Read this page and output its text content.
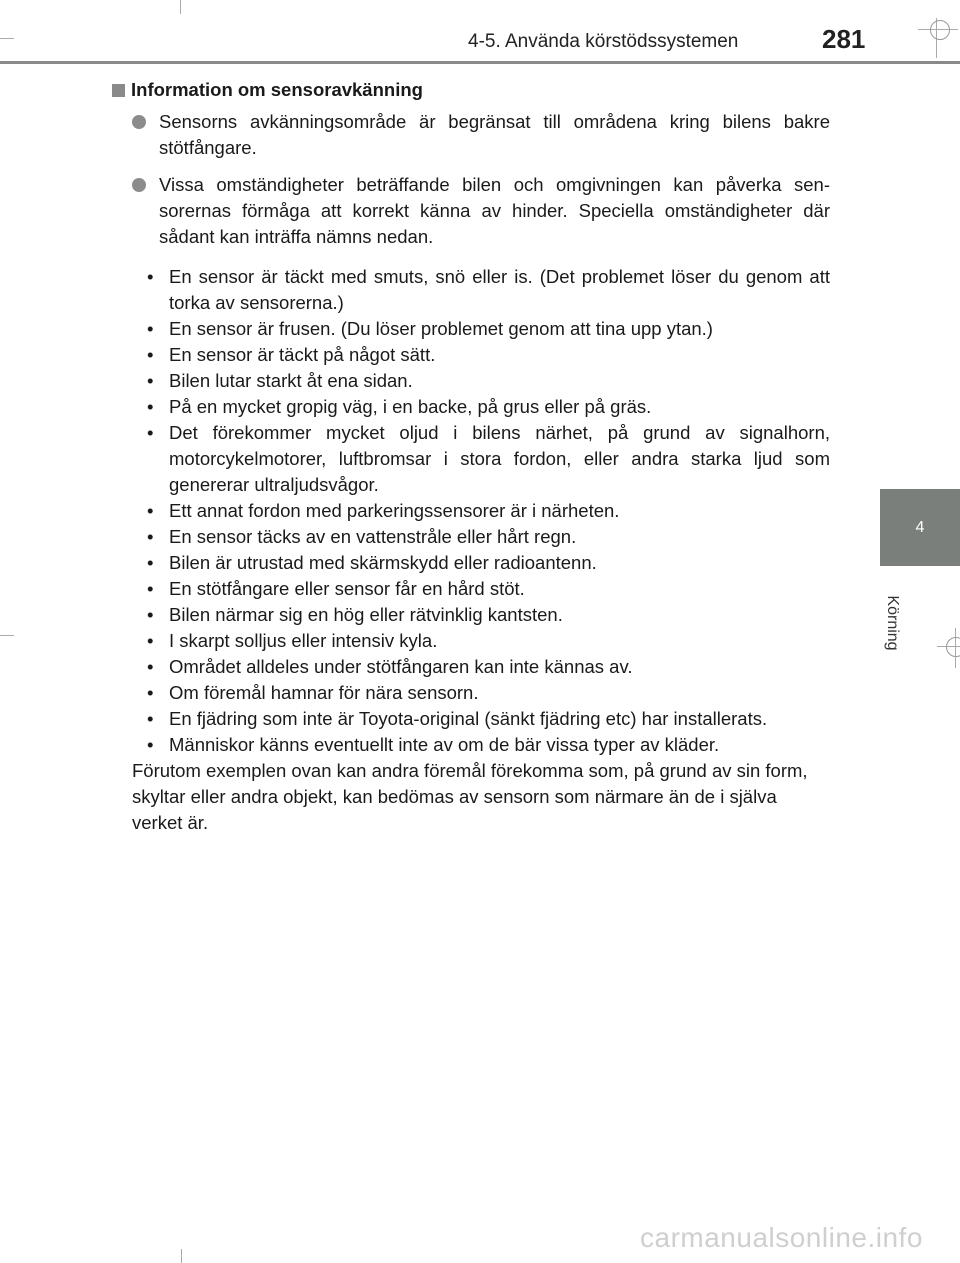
4-5. Använda körstödssystemen	281
4
Körning
Information om sensoravkänning

Sensorns avkänningsområde är begränsat till områdena kring bilens bakre stötfångare.

Vissa omständigheter beträffande bilen och omgivningen kan påverka sen-sorernas förmåga att korrekt känna av hinder. Speciella omständigheter där sådant kan inträffa nämns nedan.

• En sensor är täckt med smuts, snö eller is. (Det problemet löser du genom att torka av sensorerna.)
• En sensor är frusen. (Du löser problemet genom att tina upp ytan.)
• En sensor är täckt på något sätt.
• Bilen lutar starkt åt ena sidan.
• På en mycket gropig väg, i en backe, på grus eller på gräs.
• Det förekommer mycket oljud i bilens närhet, på grund av signalhorn, motorcykelmotorer, luftbromsar i stora fordon, eller andra starka ljud som genererar ultraljudsvågor.
• Ett annat fordon med parkeringssensorer är i närheten.
• En sensor täcks av en vattenstråle eller hårt regn.
• Bilen är utrustad med skärmskydd eller radioantenn.
• En stötfångare eller sensor får en hård stöt.
• Bilen närmar sig en hög eller rätvinklig kantsten.
• I skarpt solljus eller intensiv kyla.
• Området alldeles under stötfångaren kan inte kännas av.
• Om föremål hamnar för nära sensorn.
• En fjädring som inte är Toyota-original (sänkt fjädring etc) har installerats.
• Människor känns eventuellt inte av om de bär vissa typer av kläder.

Förutom exemplen ovan kan andra föremål förekomma som, på grund av sin form, skyltar eller andra objekt, kan bedömas av sensorn som närmare än de i själva verket är.

carmanualsonline.info
